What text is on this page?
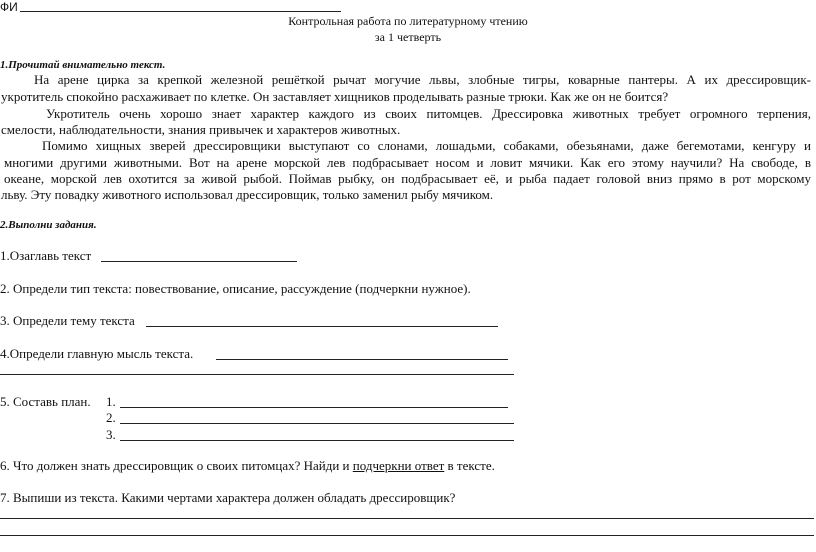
ФИ
Контрольная работа по литературному чтению
за 1 четверть
1.Прочитай внимательно текст.
На арене цирка за крепкой железной решёткой рычат могучие львы, злобные тигры, коварные пантеры. А их дрессировщик-
укротитель спокойно расхаживает по клетке. Он заставляет хищников проделывать разные трюки. Как же он не боится?
Укротитель очень хорошо знает характер каждого из своих питомцев. Дрессировка животных требует огромного терпения,
смелости, наблюдательности, знания привычек и характеров животных.
Помимо хищных зверей дрессировщики выступают со слонами, лошадьми, собаками, обезьянами, даже бегемотами, кенгуру и
многими другими животными. Вот на арене морской лев подбрасывает носом и ловит мячики. Как его этому научили? На свободе, в
океане, морской лев охотится за живой рыбой. Поймав рыбку, он подбрасывает её, и рыба падает головой вниз прямо в рот морскому
льву. Эту повадку животного использовал дрессировщик, только заменил рыбу мячиком.
2.Выполни задания.
1.Озаглавь текст
2. Определи тип текста: повествование, описание, рассуждение (подчеркни нужное).
3. Определи тему текста
4.Определи главную мысль текста.
5. Составь план. 1.
2.
3.
6. Что должен знать дрессировщик о своих питомцах? Найди и подчеркни ответ в тексте.
7. Выпиши из текста. Какими чертами характера должен обладать дрессировщик?
